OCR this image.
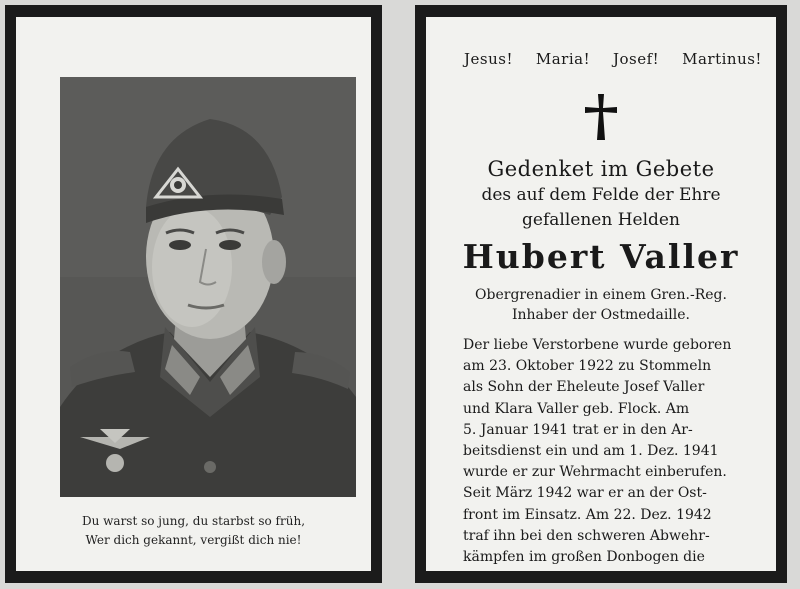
Du warst so jung, du starbst so früh,
Wer dich gekannt, vergißt dich nie!
Jesus! Maria! Josef! Martinus!
Gedenket im Gebete
des auf dem Felde der Ehre
gefallenen Helden
Hubert Valler
Obergrenadier in einem Gren.-Reg.
Inhaber der Ostmedaille.
Der liebe Verstorbene wurde geboren
am 23. Oktober 1922 zu Stommeln
als Sohn der Eheleute Josef Valler
und Klara Valler geb. Flock. Am
5. Januar 1941 trat er in den Ar-
beitsdienst ein und am 1. Dez. 1941
wurde er zur Wehrmacht einberufen.
Seit März 1942 war er an der Ost-
front im Einsatz. Am 22. Dez. 1942
traf ihn bei den schweren Abwehr-
kämpfen im großen Donbogen die
